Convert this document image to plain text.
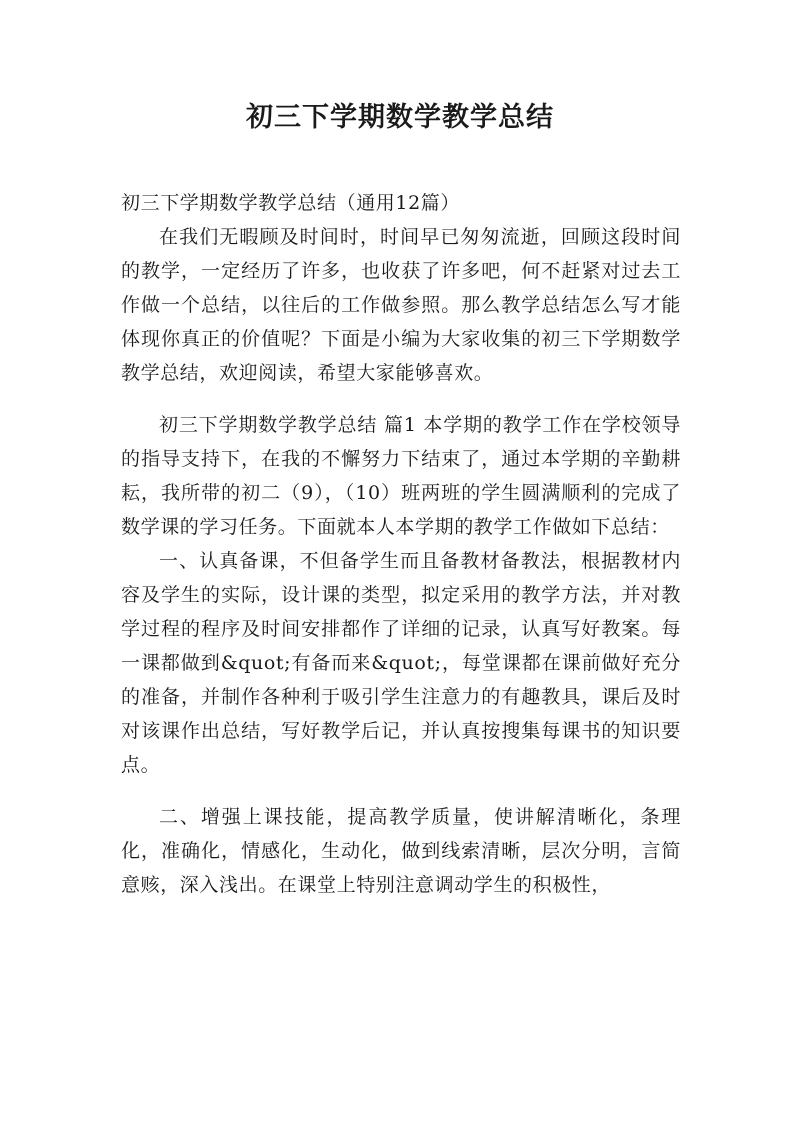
初三下学期数学教学总结

初三下学期数学教学总结（通用12篇）

在我们无暇顾及时间时，时间早已匆匆流逝，回顾这段时间的教学，一定经历了许多，也收获了许多吧，何不赶紧对过去工作做一个总结，以往后的工作做参照。那么教学总结怎么写才能体现你真正的价值呢？下面是小编为大家收集的初三下学期数学教学总结，欢迎阅读，希望大家能够喜欢。

初三下学期数学教学总结 篇1 本学期的教学工作在学校领导的指导支持下，在我的不懈努力下结束了，通过本学期的辛勤耕耘，我所带的初二（9），（10）班两班的学生圆满顺利的完成了数学课的学习任务。下面就本人本学期的教学工作做如下总结：

一、认真备课，不但备学生而且备教材备教法，根据教材内容及学生的实际，设计课的类型，拟定采用的教学方法，并对教学过程的程序及时间安排都作了详细的记录，认真写好教案。每一课都做到&quot;有备而来&quot;，每堂课都在课前做好充分的准备，并制作各种利于吸引学生注意力的有趣教具，课后及时对该课作出总结，写好教学后记，并认真按搜集每课书的知识要点。

二、增强上课技能，提高教学质量，使讲解清晰化，条理化，准确化，情感化，生动化，做到线索清晰，层次分明，言简意赅，深入浅出。在课堂上特别注意调动学生的积极性，
